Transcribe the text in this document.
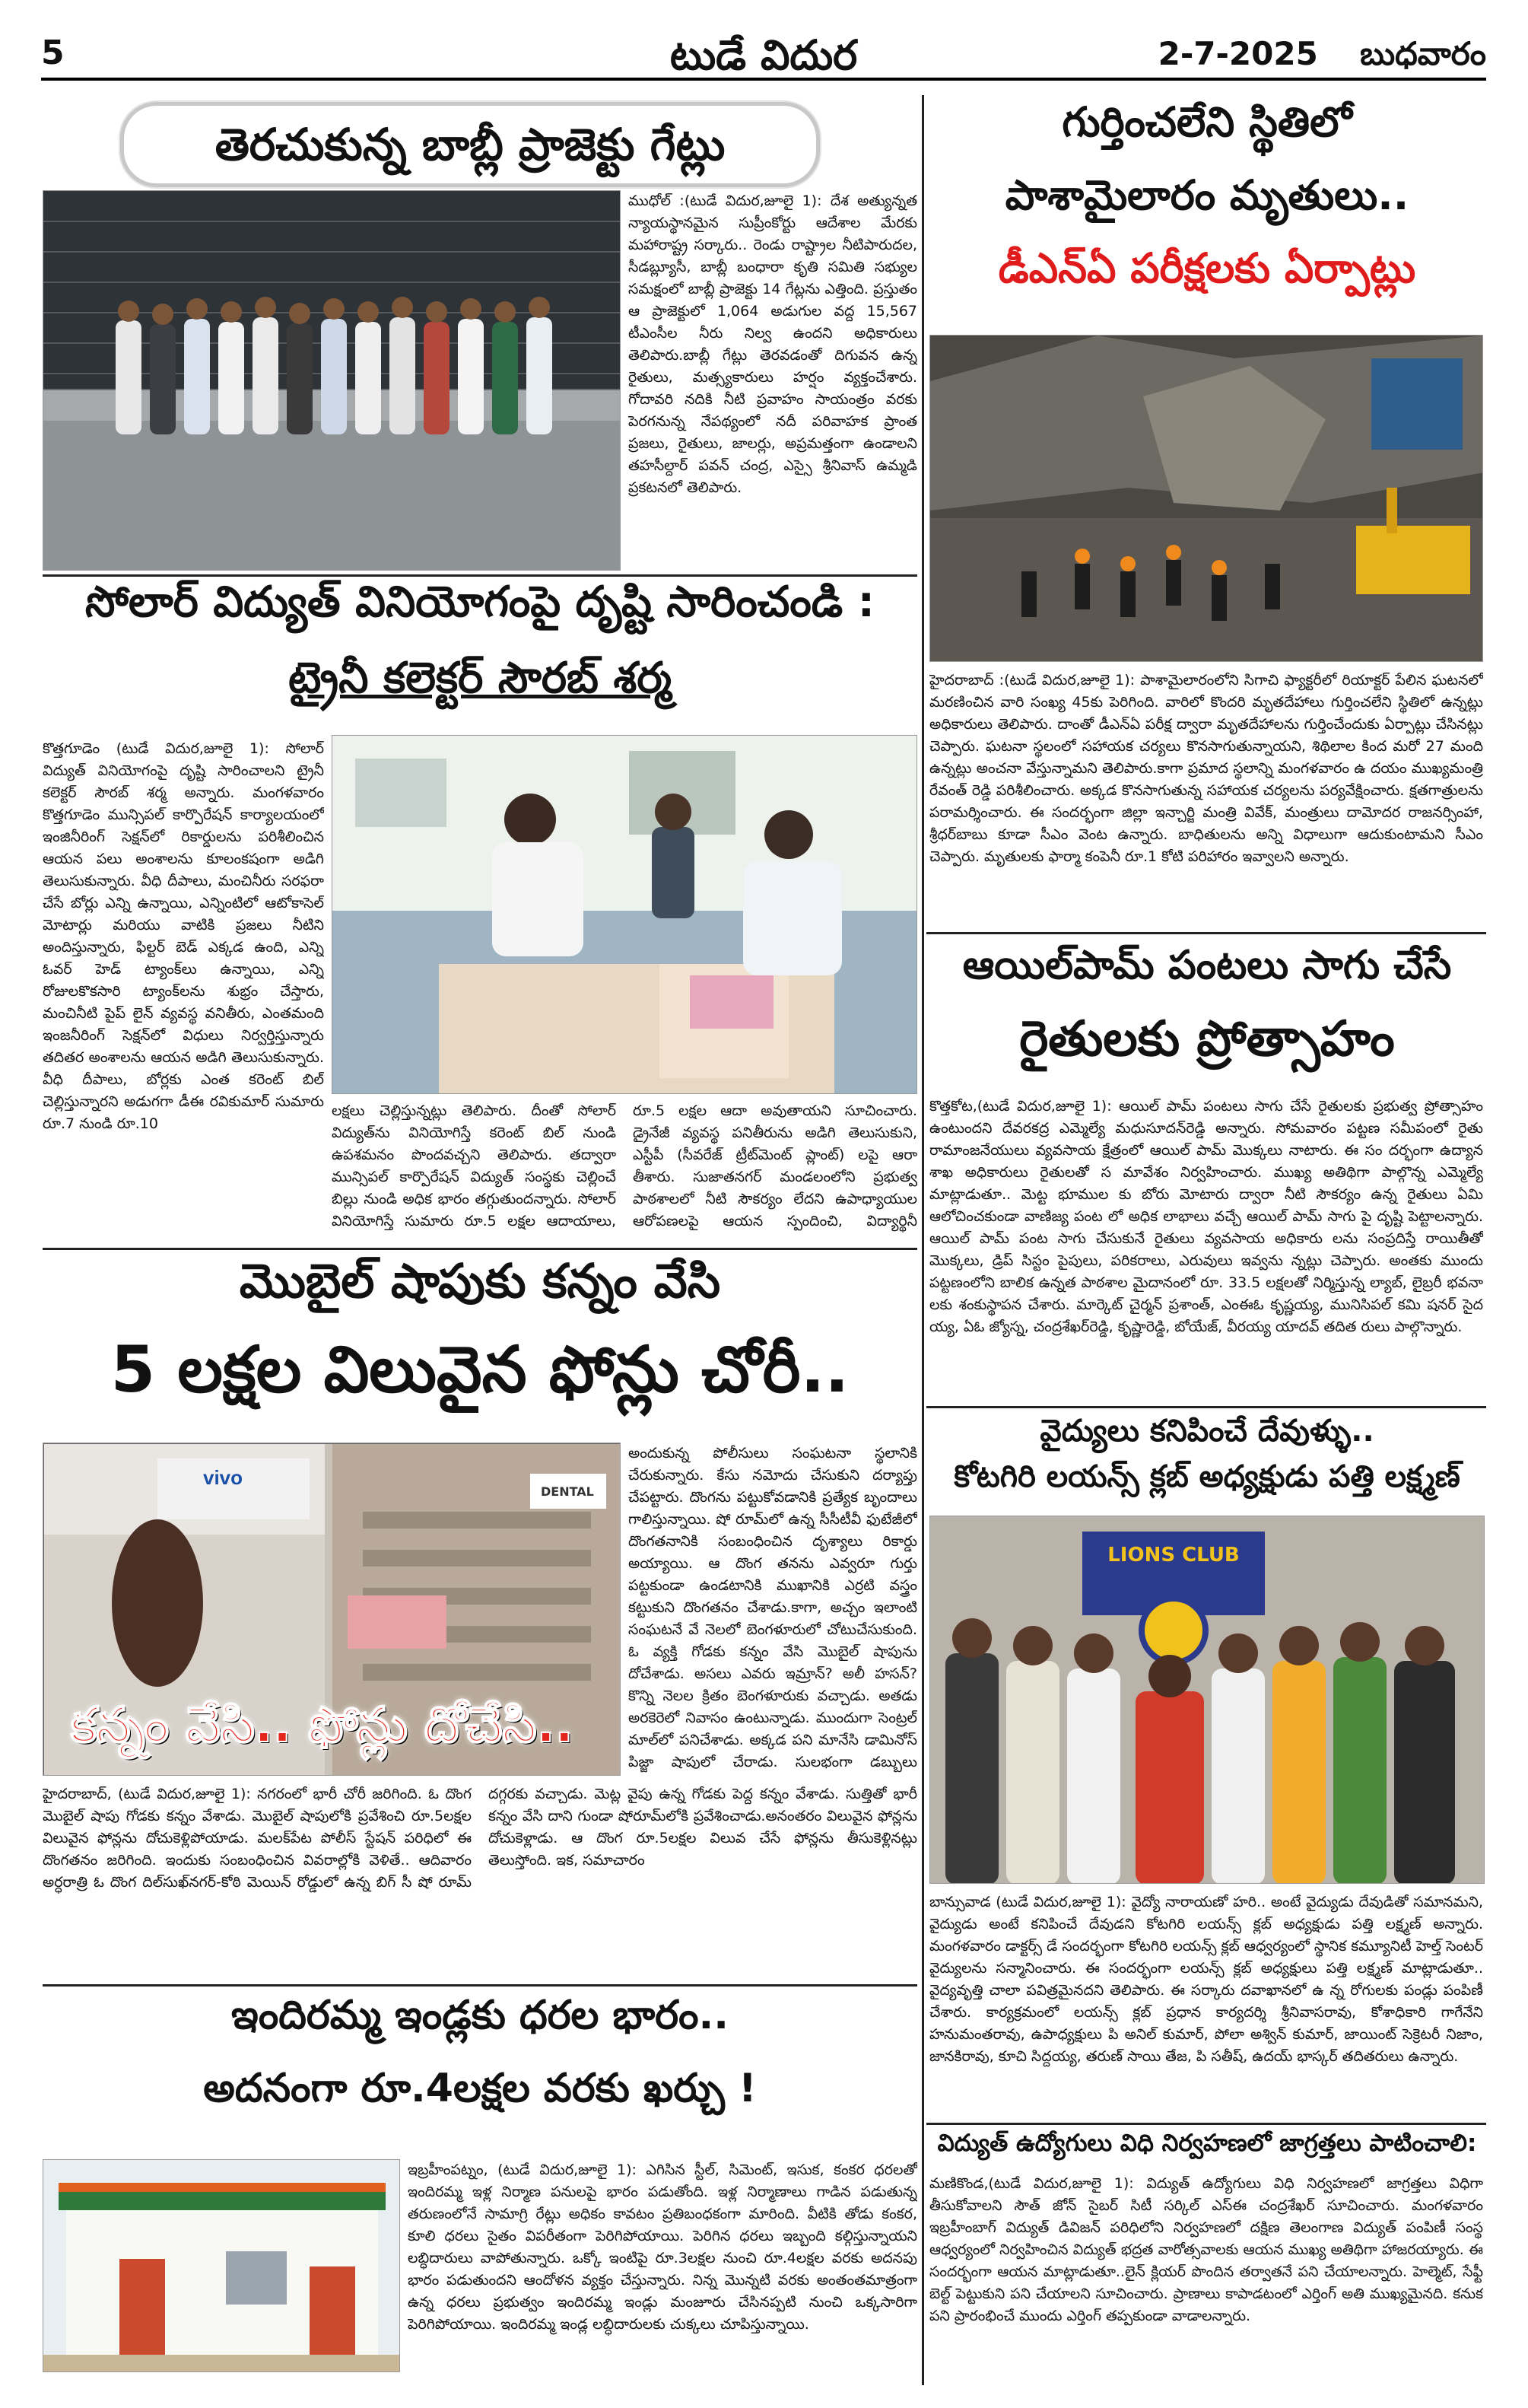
5	టుడే విదుర	2-7-2025 బుధవారం
తెరచుకున్న బాబ్లీ ప్రాజెక్టు గేట్లు
ముధోల్ :(టుడే విదుర,జూలై 1): దేశ అత్యున్నత న్యాయస్థానమైన సుప్రీంకోర్టు ఆదేశాల మేరకు మహారాష్ట్ర సర్కారు.. రెండు రాష్ట్రాల నీటిపారుదల, సీడబ్ల్యూసీ, బాబ్లీ బంధారా కృతి సమితి సభ్యుల సమక్షంలో బాబ్లీ ప్రాజెక్టు 14 గేట్లను ఎత్తింది. ప్రస్తుతం ఆ ప్రాజెక్టులో 1,064 అడుగుల వద్ద 15,567 టీఎంసీల నీరు నిల్వ ఉందని అధికారులు తెలిపారు.బాబ్లీ గేట్లు తెరవడంతో దిగువన ఉన్న రైతులు, మత్స్యకారులు హర్షం వ్యక్తంచేశారు. గోదావరి నదికి నీటి ప్రవాహం సాయంత్రం వరకు పెరగనున్న నేపథ్యంలో నదీ పరివాహక ప్రాంత ప్రజలు, రైతులు, జాలర్లు, అప్రమత్తంగా ఉండాలని తహసీల్దార్ పవన్ చంద్ర, ఎస్సై శ్రీనివాస్ ఉమ్మడి ప్రకటనలో తెలిపారు.
సోలార్ విద్యుత్ వినియోగంపై దృష్టి సారించండి :
ట్రైనీ కలెక్టర్ సౌరబ్ శర్మ
కొత్తగూడెం (టుడే విదుర,జూలై 1): సోలార్ విద్యుత్ వినియోగంపై దృష్టి సారించాలని ట్రైనీ కలెక్టర్ సౌరబ్ శర్మ అన్నారు. మంగళవారం కొత్తగూడెం మున్సిపల్ కార్పొరేషన్ కార్యాలయంలో ఇంజినీరింగ్ సెక్షన్‌లో రికార్డులను పరిశీలించిన ఆయన పలు అంశాలను కూలంకషంగా అడిగి తెలుసుకున్నారు. వీధి దీపాలు, మంచినీరు సరఫరా చేసే బోర్లు ఎన్ని ఉన్నాయి, ఎన్నింటిలో ఆటోకాసెల్ మోటార్లు మరియు వాటికి ప్రజలు నీటిని అందిస్తున్నారు, ఫిల్టర్ బెడ్ ఎక్కడ ఉంది, ఎన్ని ఓవర్ హెడ్ ట్యాంక్‌లు ఉన్నాయి, ఎన్ని రోజులకొకసారి ట్యాంక్‌లను శుభ్రం చేస్తారు, మంచినీటి పైప్ లైన్ వ్యవస్థ వనితీరు, ఎంతమంది ఇంజనీరింగ్ సెక్షన్‌లో విధులు నిర్వర్తిస్తున్నారు తదితర అంశాలను ఆయన అడిగి తెలుసుకున్నారు. వీధి దీపాలు, బోర్లకు ఎంత కరెంట్ బిల్ చెల్లిస్తున్నారని అడుగగా డీఈ రవికుమార్ సుమారు రూ.7 నుండి రూ.10
లక్షలు చెల్లిస్తున్నట్లు తెలిపారు. దీంతో సోలార్ విద్యుత్‌ను వినియోగిస్తే కరెంట్ బిల్ నుండి ఉపశమనం పొందవచ్చని తెలిపారు. తద్వారా మున్సిపల్ కార్పొరేషన్ విద్యుత్ సంస్థకు చెల్లించే బిల్లు నుండి అధిక భారం తగ్గుతుందన్నారు. సోలార్ వినియోగిస్తే సుమారు రూ.5 లక్షల ఆదాయాలు, రూ.5 లక్షల ఆదా అవుతాయని సూచించారు. డ్రైనేజీ వ్యవస్థ పనితీరును అడిగి తెలుసుకుని, ఎస్టీపీ (సీవరేజ్ ట్రీట్‌మెంట్ ప్లాంట్) లపై ఆరా తీశారు. సుజాతనగర్ మండలంలోని ప్రభుత్వ పాఠశాలలో నీటి సౌకర్యం లేదని ఉపాధ్యాయుల ఆరోపణలపై ఆయన స్పందించి, విద్యార్థినీ
మొబైల్ షాపుకు కన్నం వేసి
5 లక్షల విలువైన ఫోన్లు చోరీ..
vivo
DENTAL
కన్నం వేసి.. ఫోన్లు దోచేసి..
అందుకున్న పోలీసులు సంఘటనా స్థలానికి చేరుకున్నారు. కేసు నమోదు చేసుకుని దర్యాప్తు చేపట్టారు. దొంగను పట్టుకోవడానికి ప్రత్యేక బృందాలు గాలిస్తున్నాయి. షో రూమ్‌లో ఉన్న సీసీటీవీ ఫుటేజీలో దొంగతనానికి సంబంధించిన దృశ్యాలు రికార్డు అయ్యాయి. ఆ దొంగ తనను ఎవ్వరూ గుర్తు పట్టకుండా ఉండటానికి ముఖానికి ఎర్రటి వస్త్రం కట్టుకుని దొంగతనం చేశాడు.కాగా, అచ్చం ఇలాంటి సంఘటనే వే నెలలో బెంగళూరులో చోటుచేసుకుంది. ఓ వ్యక్తి గోడకు కన్నం వేసి మొబైల్ షాపును దోచేశాడు. అసలు ఎవరు ఇమ్రాన్? అలీ హసన్? కొన్ని నెలల క్రితం బెంగళూరుకు వచ్చాడు. అతడు అరకెరెలో నివాసం ఉంటున్నాడు. ముందుగా సెంట్రల్ మాల్‌లో పనిచేశాడు. అక్కడ పని మానేసి డామినోస్ పిజ్జా షాపులో చేరాడు. సులభంగా డబ్బులు
హైదరాబాద్, (టుడే విదుర,జూలై 1): నగరంలో భారీ చోరీ జరిగింది. ఓ దొంగ మొబైల్ షాపు గోడకు కన్నం వేశాడు. మొబైల్ షాపులోకి ప్రవేశించి రూ.5లక్షల విలువైన ఫోన్లను దోచుకెళ్లిపోయాడు. మలక్‌పేట పోలీస్ స్టేషన్ పరిధిలో ఈ దొంగతనం జరిగింది. ఇందుకు సంబంధించిన వివరాల్లోకి వెళితే.. ఆదివారం అర్ధరాత్రి ఓ దొంగ దిల్‌సుఖ్‌నగర్-కోఠి మెయిన్ రోడ్డులో ఉన్న బిగ్ సీ షో రూమ్ దగ్గరకు వచ్చాడు. మెట్ల వైపు ఉన్న గోడకు పెద్ద కన్నం వేశాడు. సుత్తితో భారీ కన్నం వేసి దాని గుండా షోరూమ్‌లోకి ప్రవేశించాడు.అనంతరం విలువైన ఫోన్లను దోచుకెళ్లాడు. ఆ దొంగ రూ.5లక్షల విలువ చేసే ఫోన్లను తీసుకెళ్లినట్లు తెలుస్తోంది. ఇక, సమాచారం
ఇందిరమ్మ ఇండ్లకు ధరల భారం..
అదనంగా రూ.4లక్షల వరకు ఖర్చు !
ఇబ్రహీంపట్నం, (టుడే విదుర,జూలై 1): ఎగిసిన స్టీల్, సిమెంట్, ఇసుక, కంకర ధరలతో ఇందిరమ్మ ఇళ్ల నిర్మాణ పనులపై భారం పడుతోంది. ఇళ్ల నిర్మాణాలు గాడిన పడుతున్న తరుణంలోనే సామాగ్రి రేట్లు అధికం కావటం ప్రతిబంధకంగా మారింది. వీటికి తోడు కంకర, కూలి ధరలు సైతం విపరీతంగా పెరిగిపోయాయి. పెరిగిన ధరలు ఇబ్బంది కల్గిస్తున్నాయని లబ్ధిదారులు వాపోతున్నారు. ఒక్కో ఇంటిపై రూ.3లక్షల నుంచి రూ.4లక్షల వరకు అదనపు భారం పడుతుందని ఆందోళన వ్యక్తం చేస్తున్నారు. నిన్న మొన్నటి వరకు అంతంతమాత్రంగా ఉన్న ధరలు ప్రభుత్వం ఇందిరమ్మ ఇండ్లు మంజూరు చేసినప్పటి నుంచి ఒక్కసారిగా పెరిగిపోయాయి. ఇందిరమ్మ ఇండ్ల లబ్ధిదారులకు చుక్కలు చూపిస్తున్నాయి.
గుర్తించలేని స్థితిలో
పాశామైలారం మృతులు..
డీఎన్ఏ పరీక్షలకు ఏర్పాట్లు
హైదరాబాద్ :(టుడే విదుర,జూలై 1): పాశామైలారంలోని సిగాచి ఫ్యాక్టరీలో రియాక్టర్ పేలిన ఘటనలో మరణించిన వారి సంఖ్య 45కు పెరిగింది. వారిలో కొందరి మృతదేహాలు గుర్తించలేని స్థితిలో ఉన్నట్లు అధికారులు తెలిపారు. దాంతో డీఎన్ఏ పరీక్ష ద్వారా మృతదేహాలను గుర్తించేందుకు ఏర్పాట్లు చేసినట్లు చెప్పారు. ఘటనా స్థలంలో సహాయక చర్యలు కొనసాగుతున్నాయని, శిథిలాల కింద మరో 27 మంది ఉన్నట్లు అంచనా వేస్తున్నామని తెలిపారు.కాగా ప్రమాద స్థలాన్ని మంగళవారం ఉ దయం ముఖ్యమంత్రి రేవంత్ రెడ్డి పరిశీలించారు. అక్కడ కొనసాగుతున్న సహాయక చర్యలను పర్యవేక్షించారు. క్షతగాత్రులను పరామర్శించారు. ఈ సందర్భంగా జిల్లా ఇన్చార్జి మంత్రి వివేక్, మంత్రులు దామోదర రాజనర్సింహా, శ్రీధర్‌బాబు కూడా సీఎం వెంట ఉన్నారు. బాధితులను అన్ని విధాలుగా ఆదుకుంటామని సీఎం చెప్పారు. మృతులకు ఫార్మా కంపెనీ రూ.1 కోటి పరిహారం ఇవ్వాలని అన్నారు.
ఆయిల్‌పామ్ పంటలు సాగు చేసే
రైతులకు ప్రోత్సాహం
కొత్తకోట,(టుడే విదుర,జూలై 1): ఆయిల్ పామ్ పంటలు సాగు చేసే రైతులకు ప్రభుత్వ ప్రోత్సాహం ఉంటుందని దేవరకద్ర ఎమ్మెల్యే మధుసూదన్‌రెడ్డి అన్నారు. సోమవారం పట్టణ సమీపంలో రైతు రామాంజనేయులు వ్యవసాయ క్షేత్రంలో ఆయిల్ పామ్ మొక్కలు నాటారు. ఈ సం దర్భంగా ఉద్యాన శాఖ అధికారులు రైతులతో స మావేశం నిర్వహించారు. ముఖ్య అతిథిగా పాల్గొన్న ఎమ్మెల్యే మాట్లాడుతూ.. మెట్ట భూముల కు బోరు మోటారు ద్వారా నీటి సౌకర్యం ఉన్న రైతులు ఏమి ఆలోచించకుండా వాణిజ్య పంట లో అధిక లాభాలు వచ్చే ఆయిల్ పామ్ సాగు పై దృష్టి పెట్టాలన్నారు. ఆయిల్ పామ్ పంట సాగు చేసుకునే రైతులు వ్యవసాయ అధికారు లను సంప్రదిస్తే రాయితీతో మొక్కలు, డ్రిప్ సిస్టం పైపులు, పరికరాలు, ఎరువులు ఇవ్వను న్నట్లు చెప్పారు. అంతకు ముందు పట్టణంలోని బాలిక ఉన్నత పాఠశాల మైదానంలో రూ. 33.5 లక్షలతో నిర్మిస్తున్న ల్యాబ్, లైబ్రరీ భవనా లకు శంకుస్థాపన చేశారు. మార్కెట్ చైర్మన్ ప్రశాంత్, ఎంఈఓ కృష్ణయ్య, మునిసిపల్ కమి షనర్ సైద య్య, ఏఓ జ్యోస్న, చంద్రశేఖర్‌రెడ్డి, కృష్ణారెడ్డి, బోయేజ్, వీరయ్య యాదవ్ తదిత రులు పాల్గొన్నారు.
వైద్యులు కనిపించే దేవుళ్ళు..
కోటగిరి లయన్స్ క్లబ్ అధ్యక్షుడు పత్తి లక్ష్మణ్
LIONS CLUB
బాన్సువాడ (టుడే విదుర,జూలై 1): వైద్యో నారాయణో హరి.. అంటే వైద్యుడు దేవుడితో సమానమని, వైద్యుడు అంటే కనిపించే దేవుడని కోటగిరి లయన్స్ క్లబ్ అధ్యక్షుడు పత్తి లక్ష్మణ్ అన్నారు. మంగళవారం డాక్టర్స్ డే సందర్భంగా కోటగిరి లయన్స్ క్లబ్ ఆధ్వర్యంలో స్థానిక కమ్యూనిటీ హెల్త్ సెంటర్ వైద్యులను సన్మానించారు. ఈ సందర్భంగా లయన్స్ క్లబ్ అధ్యక్షులు పత్తి లక్ష్మణ్ మాట్లాడుతూ.. వైద్యవృత్తి చాలా పవిత్రమైనదని తెలిపారు. ఈ సర్కారు దవాఖానలో ఉ న్న రోగులకు పండ్లు పంపిణీ చేశారు. కార్యక్రమంలో లయన్స్ క్లబ్ ప్రధాన కార్యదర్శి శ్రీనివాసరావు, కోశాధికారి గాగేనేని హనుమంతరావు, ఉపాధ్యక్షులు పి అనిల్ కుమార్, పోలా అశ్విన్ కుమార్, జాయింట్ సెక్రెటరీ నిజాం, జానకిరావు, కూచి సిద్దయ్య, తరుణ్ సాయి తేజ, పి సతీష్, ఉదయ్ భాస్కర్ తదితరులు ఉన్నారు.
విద్యుత్ ఉద్యోగులు విధి నిర్వహణలో జాగ్రత్తలు పాటించాలి:
మణికొండ,(టుడే విదుర,జూలై 1): విద్యుత్ ఉద్యోగులు విధి నిర్వహణలో జాగ్రత్తలు విధిగా తీసుకోవాలని సౌత్ జోన్ సైబర్ సిటీ సర్కిల్ ఎస్ఈ చంద్రశేఖర్ సూచించారు. మంగళవారం ఇబ్రహీంబాగ్ విద్యుత్ డివిజన్ పరిధిలోని నిర్వహణలో దక్షిణ తెలంగాణ విద్యుత్ పంపిణీ సంస్థ ఆధ్వర్యంలో నిర్వహించిన విద్యుత్ భద్రత వారోత్సవాలకు ఆయన ముఖ్య అతిథిగా హాజరయ్యారు. ఈ సందర్భంగా ఆయన మాట్లాడుతూ..లైన్ క్లియర్ పొందిన తర్వాతనే పని చేయాలన్నారు. హెల్మెట్, సేఫ్టీ బెల్ట్ పెట్టుకుని పని చేయాలని సూచించారు. ప్రాణాలు కాపాడటంలో ఎర్తింగ్ అతి ముఖ్యమైనది. కనుక పని ప్రారంభించే ముందు ఎర్తింగ్ తప్పకుండా వాడాలన్నారు.
